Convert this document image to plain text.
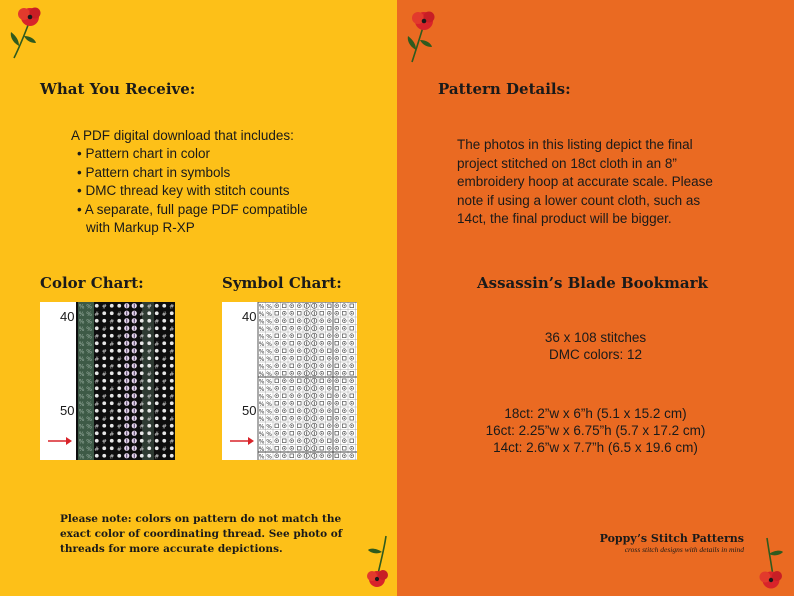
What You Receive:
A PDF digital download that includes:
• Pattern chart in color
• Pattern chart in symbols
• DMC thread key with stitch counts
• A separate, full page PDF compatible
with Markup R-XP
Color Chart:	Symbol Chart:
% % #	#	#
% % #	#	#	#
% %	#	#
% % #	#	#
% % #	#	#	#
% %	#	#
% % #	#	#
% % #	#	#	#
% %	#	#
% % #	#	#
% % #	#	#	#
% %	#	#
% % #	#	#
% % #	#	#	#
% %	#	#
% % #	#	#
% % #	#	#	#
% %	#	#
% % #	#	#
% % #	#	#	#
% %	#	#
40
50
% %
% %
% %
% %
% %
% %
% %
% %
% %
% %
% %
% %
% %
% %
% %
% %
% %
% %
% %
% %
% %
40
50

Please note: colors on pattern do not match the exact color of coordinating thread. See photo of threads for more accurate depictions.

Pattern Details:
The photos in this listing depict the final
project stitched on 18ct cloth in an 8”
embroidery hoop at accurate scale. Please
note if using a lower count cloth, such as
14ct, the final product will be bigger.
Assassin’s Blade Bookmark
36 x 108 stitches
DMC colors: 12
18ct: 2”w x 6”h (5.1 x 15.2 cm)
16ct: 2.25”w x 6.75”h (5.7 x 17.2 cm)
14ct: 2.6”w x 7.7”h (6.5 x 19.6 cm)
Poppy’s Stitch Patterns
cross stitch designs with details in mind
